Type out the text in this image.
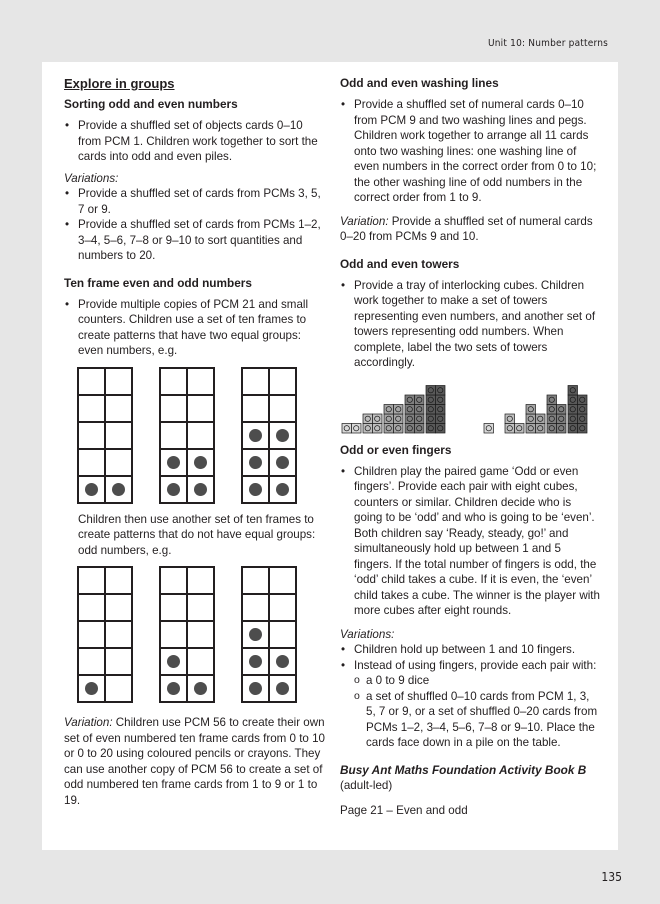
Unit 10: Number patterns
Explore in groups
Sorting odd and even numbers
• Provide a shuffled set of objects cards 0–10 from PCM 1. Children work together to sort the cards into odd and even piles.
Variations:
• Provide a shuffled set of cards from PCMs 3, 5, 7 or 9.
• Provide a shuffled set of cards from PCMs 1–2, 3–4, 5–6, 7–8 or 9–10 to sort quantities and numbers to 20.
Ten frame even and odd numbers
• Provide multiple copies of PCM 21 and small counters. Children use a set of ten frames to create patterns that have two equal groups: even numbers, e.g.
Children then use another set of ten frames to create patterns that do not have equal groups: odd numbers, e.g.
Variation: Children use PCM 56 to create their own set of even numbered ten frame cards from 0 to 10 or 0 to 20 using coloured pencils or crayons. They can use another copy of PCM 56 to create a set of odd numbered ten frame cards from 1 to 9 or 1 to 19.
Odd and even washing lines
• Provide a shuffled set of numeral cards 0–10 from PCM 9 and two washing lines and pegs. Children work together to arrange all 11 cards onto two washing lines: one washing line of even numbers in the correct order from 0 to 10; the other washing line of odd numbers in the correct order from 1 to 9.
Variation: Provide a shuffled set of numeral cards 0–20 from PCMs 9 and 10.
Odd and even towers
• Provide a tray of interlocking cubes. Children work together to make a set of towers representing even numbers, and another set of towers representing odd numbers. When complete, label the two sets of towers accordingly.
Odd or even fingers
• Children play the paired game ‘Odd or even fingers’. Provide each pair with eight cubes, counters or similar. Children decide who is going to be ‘odd’ and who is going to be ‘even’. Both children say ‘Ready, steady, go!’ and simultaneously hold up between 1 and 5 fingers. If the total number of fingers is odd, the ‘odd’ child takes a cube. If it is even, the ‘even’ child takes a cube. The winner is the player with more cubes after eight rounds.
Variations:
• Children hold up between 1 and 10 fingers.
• Instead of using fingers, provide each pair with:
o a 0 to 9 dice
o a set of shuffled 0–10 cards from PCM 1, 3, 5, 7 or 9, or a set of shuffled 0–20 cards from PCMs 1–2, 3–4, 5–6, 7–8 or 9–10. Place the cards face down in a pile on the table.
Busy Ant Maths Foundation Activity Book B
(adult-led)
Page 21 – Even and odd
135
